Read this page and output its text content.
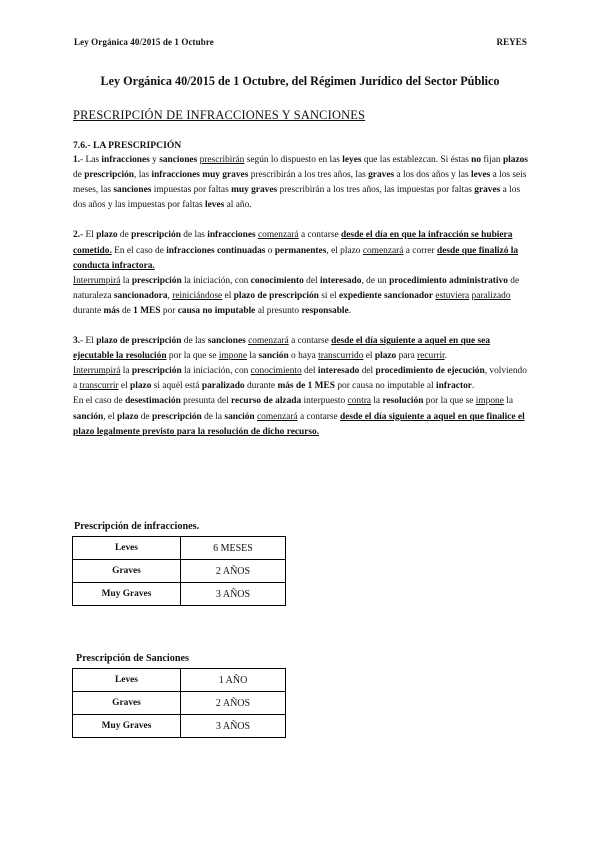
Ley Orgánica 40/2015 de 1 Octubre	REYES
Ley Orgánica 40/2015 de 1 Octubre, del Régimen Jurídico del Sector Público
PRESCRIPCIÓN DE INFRACCIONES Y SANCIONES

7.6.- LA PRESCRIPCIÓN

1.- Las infracciones y sanciones prescribirán según lo dispuesto en las leyes que las establezcan. Si éstas no fijan plazos de prescripción, las infracciones muy graves prescribirán a los tres años, las graves a los dos años y las leves a los seis meses, las sanciones impuestas por faltas muy graves prescribirán a los tres años, las impuestas por faltas graves a los dos años y las impuestas por faltas leves al año.

2.- El plazo de prescripción de las infracciones comenzará a contarse desde el día en que la infracción se hubiera cometido. En el caso de infracciones continuadas o permanentes, el plazo comenzará a correr desde que finalizó la conducta infractora.
Interrumpirá la prescripción la iniciación, con conocimiento del interesado, de un procedimiento administrativo de naturaleza sancionadora, reiniciándose el plazo de prescripción si el expediente sancionador estuviera paralizado durante más de 1 MES por causa no imputable al presunto responsable.

3.- El plazo de prescripción de las sanciones comenzará a contarse desde el día siguiente a aquel en que sea ejecutable la resolución por la que se impone la sanción o haya transcurrido el plazo para recurrir.
Interrumpirá la prescripción la iniciación, con conocimiento del interesado del procedimiento de ejecución, volviendo a transcurrir el plazo si aquél está paralizado durante más de 1 MES por causa no imputable al infractor.
En el caso de desestimación presunta del recurso de alzada interpuesto contra la resolución por la que se impone la sanción, el plazo de prescripción de la sanción comenzará a contarse desde el día siguiente a aquel en que finalice el plazo legalmente previsto para la resolución de dicho recurso.

Prescripción de infracciones.
Leves	6 MESES
Graves	2 AÑOS
Muy Graves	3 AÑOS
Prescripción de Sanciones
Leves	1 AÑO
Graves	2 AÑOS
Muy Graves	3 AÑOS
